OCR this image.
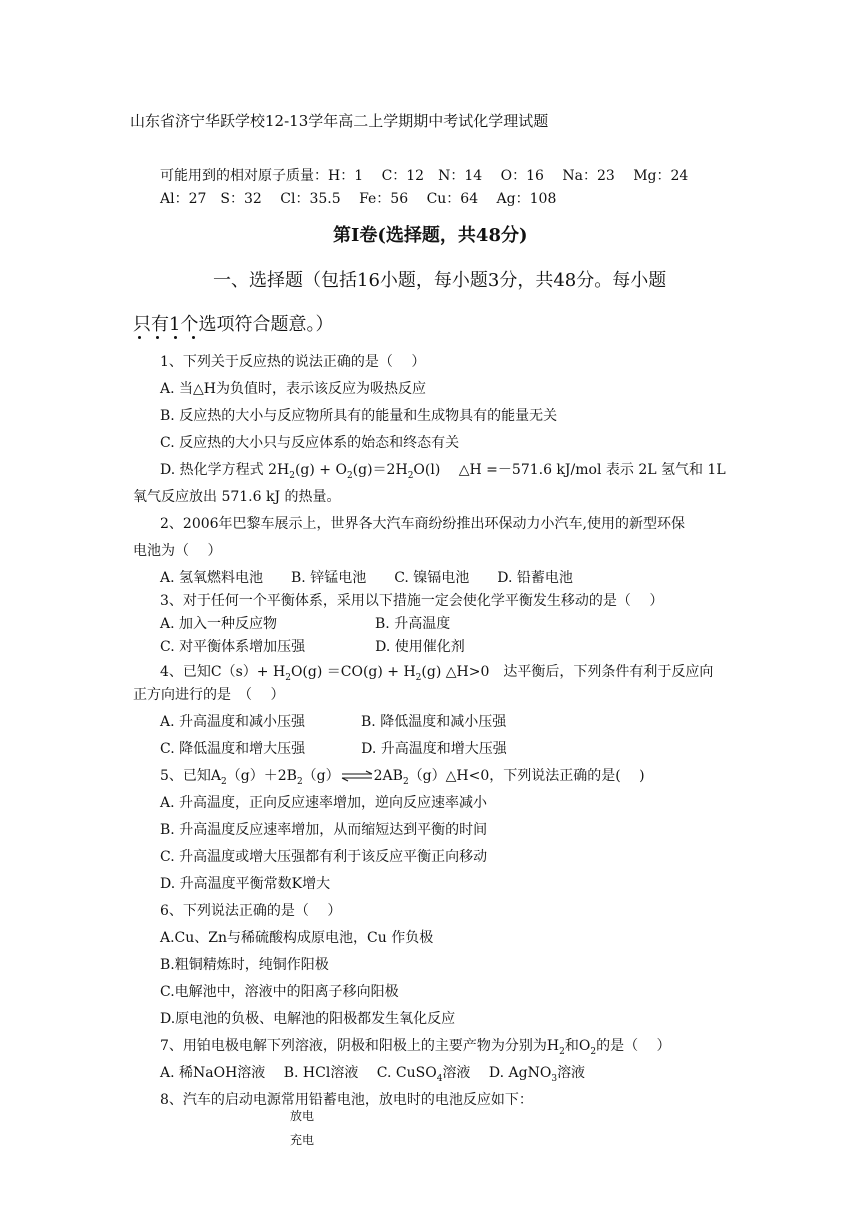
山东省济宁华跃学校12-13学年高二上学期期中考试化学理试题
可能用到的相对原子质量：H：1　 C：12　N：14　 O：16　 Na：23　 Mg：24
Al：27　S：32　 Cl：35.5　 Fe：56　 Cu：64　 Ag：108
第Ⅰ卷(选择题，共48分)
一、选择题（包括16小题，每小题3分，共48分。每小题
只有1个选项符合题意。）
1、下列关于反应热的说法正确的是（　 ）
A. 当△H为负值时，表示该反应为吸热反应
B. 反应热的大小与反应物所具有的能量和生成物具有的能量无关
C. 反应热的大小只与反应体系的始态和终态有关
D. 热化学方程式 $2H_2(g) + O_2(g)=2H_2O(l)$　 △H =－571.6 kJ/mol 表示 2L 氢气和 1L
氧气反应放出 571.6 kJ 的热量。
2、2006年巴黎车展示上，世界各大汽车商纷纷推出环保动力小汽车,使用的新型环保
电池为（　 ）
A. 氢氧燃料电池　　B. 锌锰电池　　C. 镍镉电池　　D. 铅蓄电池
3、对于任何一个平衡体系，采用以下措施一定会使化学平衡发生移动的是（　 ）
A. 加入一种反应物　　　　　　　B. 升高温度
C. 对平衡体系增加压强　　　　　D. 使用催化剂
4、已知$C(s)+ H_2O(g) =CO(g) + H_2(g)$ △H>0　达平衡后，下列条件有利于反应向
正方向进行的是　（　 ）
A. 升高温度和减小压强　　　　B. 降低温度和减小压强
C. 降低温度和增大压强　　　　D. 升高温度和增大压强
5、已知$A_2(g)+2B_2(g)\rightleftharpoons 2AB_2(g)\triangle H<0$，下列说法正确的是(　 )
A. 升高温度，正向反应速率增加，逆向反应速率减小
B. 升高温度反应速率增加，从而缩短达到平衡的时间
C. 升高温度或增大压强都有利于该反应平衡正向移动
D. 升高温度平衡常数K增大
6、下列说法正确的是（　 ）
A.Cu、Zn与稀硫酸构成原电池，Cu 作负极
B.粗铜精炼时，纯铜作阳极
C.电解池中，溶液中的阳离子移向阳极
D.原电池的负极、电解池的阳极都发生氧化反应
7、用铂电极电解下列溶液，阴极和阳极上的主要产物为分别为$H_2$和$O_2$的是（　 ）
A. 稀NaOH溶液　 B. HCl溶液　 C. CuSO$_4$溶液　 D. AgNO$_3$溶液
8、汽车的启动电源常用铅蓄电池，放电时的电池反应如下：
放电
充电
